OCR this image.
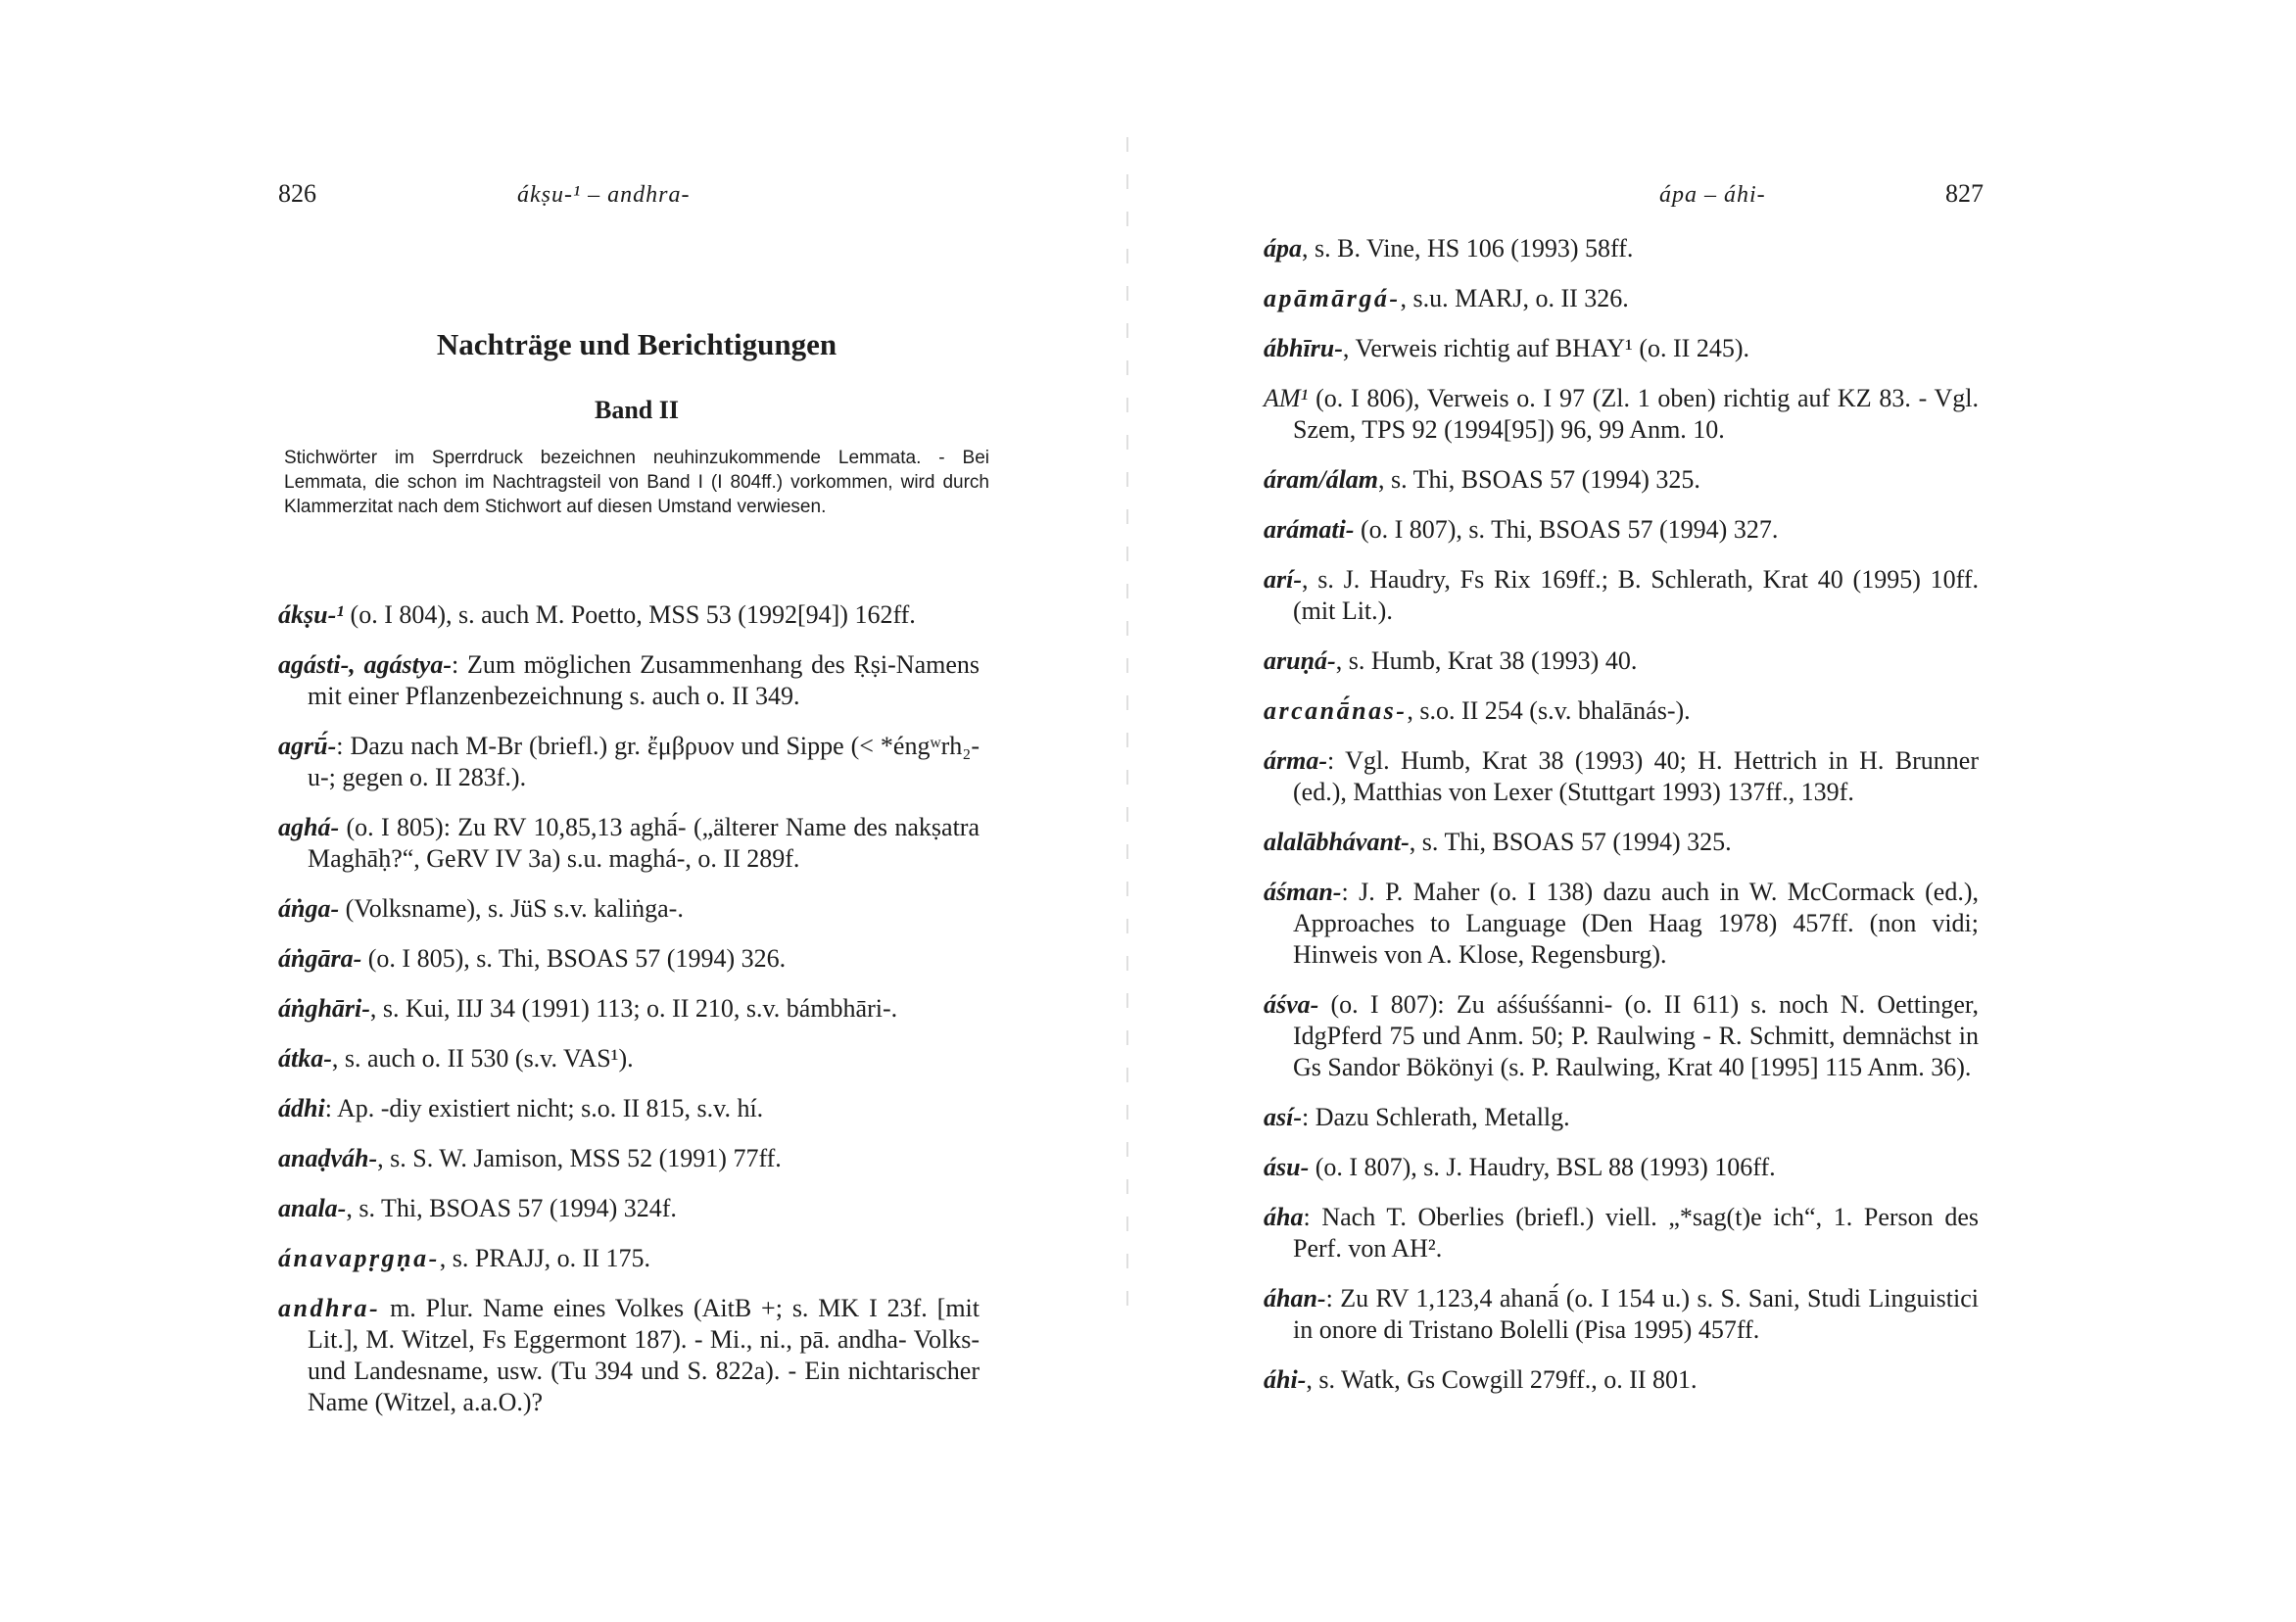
826	ákṣu-¹ – andhra-
Nachträge und Berichtigungen
Band II
Stichwörter im Sperrdruck bezeichnen neuhinzukommende Lemmata. - Bei Lemmata, die schon im Nachtragsteil von Band I (I 804ff.) vorkommen, wird durch Klammerzitat nach dem Stichwort auf diesen Umstand verwiesen.
ákṣu-¹ (o. I 804), s. auch M. Poetto, MSS 53 (1992[94]) 162ff.
agásti-, agástya-: Zum möglichen Zusammenhang des Ṛṣi-Namens mit einer Pflanzenbezeichnung s. auch o. II 349.
agrū́-: Dazu nach M-Br (briefl.) gr. ἔμβρυον und Sippe (< *éngʷrh₂-u-; gegen o. II 283f.).
aghá- (o. I 805): Zu RV 10,85,13 aghā́- („älterer Name des nakṣatra Maghāḥ?“, GeRV IV 3a) s.u. maghá-, o. II 289f.
áṅga- (Volksname), s. JüS s.v. kaliṅga-.
áṅgāra- (o. I 805), s. Thi, BSOAS 57 (1994) 326.
áṅghāri-, s. Kui, IIJ 34 (1991) 113; o. II 210, s.v. bámbhāri-.
átka-, s. auch o. II 530 (s.v. VAS¹).
ádhi: Ap. -diy existiert nicht; s.o. II 815, s.v. hí.
anaḍváh-, s. S. W. Jamison, MSS 52 (1991) 77ff.
anala-, s. Thi, BSOAS 57 (1994) 324f.
ánavapṛgṇa-, s. PRAJJ, o. II 175.
andhra- m. Plur. Name eines Volkes (AitB +; s. MK I 23f. [mit Lit.], M. Witzel, Fs Eggermont 187). - Mi., ni., pā. andha- Volks- und Landesname, usw. (Tu 394 und S. 822a). - Ein nichtarischer Name (Witzel, a.a.O.)?
ápa – áhi-	827
ápa, s. B. Vine, HS 106 (1993) 58ff.
apāmārgá-, s.u. MARJ, o. II 326.
ábhīru-, Verweis richtig auf BHAY¹ (o. II 245).
AM¹ (o. I 806), Verweis o. I 97 (Zl. 1 oben) richtig auf KZ 83. - Vgl. Szem, TPS 92 (1994[95]) 96, 99 Anm. 10.
áram/álam, s. Thi, BSOAS 57 (1994) 325.
arámati- (o. I 807), s. Thi, BSOAS 57 (1994) 327.
arí-, s. J. Haudry, Fs Rix 169ff.; B. Schlerath, Krat 40 (1995) 10ff. (mit Lit.).
aruṇá-, s. Humb, Krat 38 (1993) 40.
arcanā́nas-, s.o. II 254 (s.v. bhalānás-).
árma-: Vgl. Humb, Krat 38 (1993) 40; H. Hettrich in H. Brunner (ed.), Matthias von Lexer (Stuttgart 1993) 137ff., 139f.
alalābhávant-, s. Thi, BSOAS 57 (1994) 325.
áśman-: J. P. Maher (o. I 138) dazu auch in W. McCormack (ed.), Approaches to Language (Den Haag 1978) 457ff. (non vidi; Hinweis von A. Klose, Regensburg).
áśva- (o. I 807): Zu aśśuśśanni- (o. II 611) s. noch N. Oettinger, IdgPferd 75 und Anm. 50; P. Raulwing - R. Schmitt, demnächst in Gs Sandor Bökönyi (s. P. Raulwing, Krat 40 [1995] 115 Anm. 36).
así-: Dazu Schlerath, Metallg.
ásu- (o. I 807), s. J. Haudry, BSL 88 (1993) 106ff.
áha: Nach T. Oberlies (briefl.) viell. „*sag(t)e ich“, 1. Person des Perf. von AH².
áhan-: Zu RV 1,123,4 ahanā́ (o. I 154 u.) s. S. Sani, Studi Linguistici in onore di Tristano Bolelli (Pisa 1995) 457ff.
áhi-, s. Watk, Gs Cowgill 279ff., o. II 801.
